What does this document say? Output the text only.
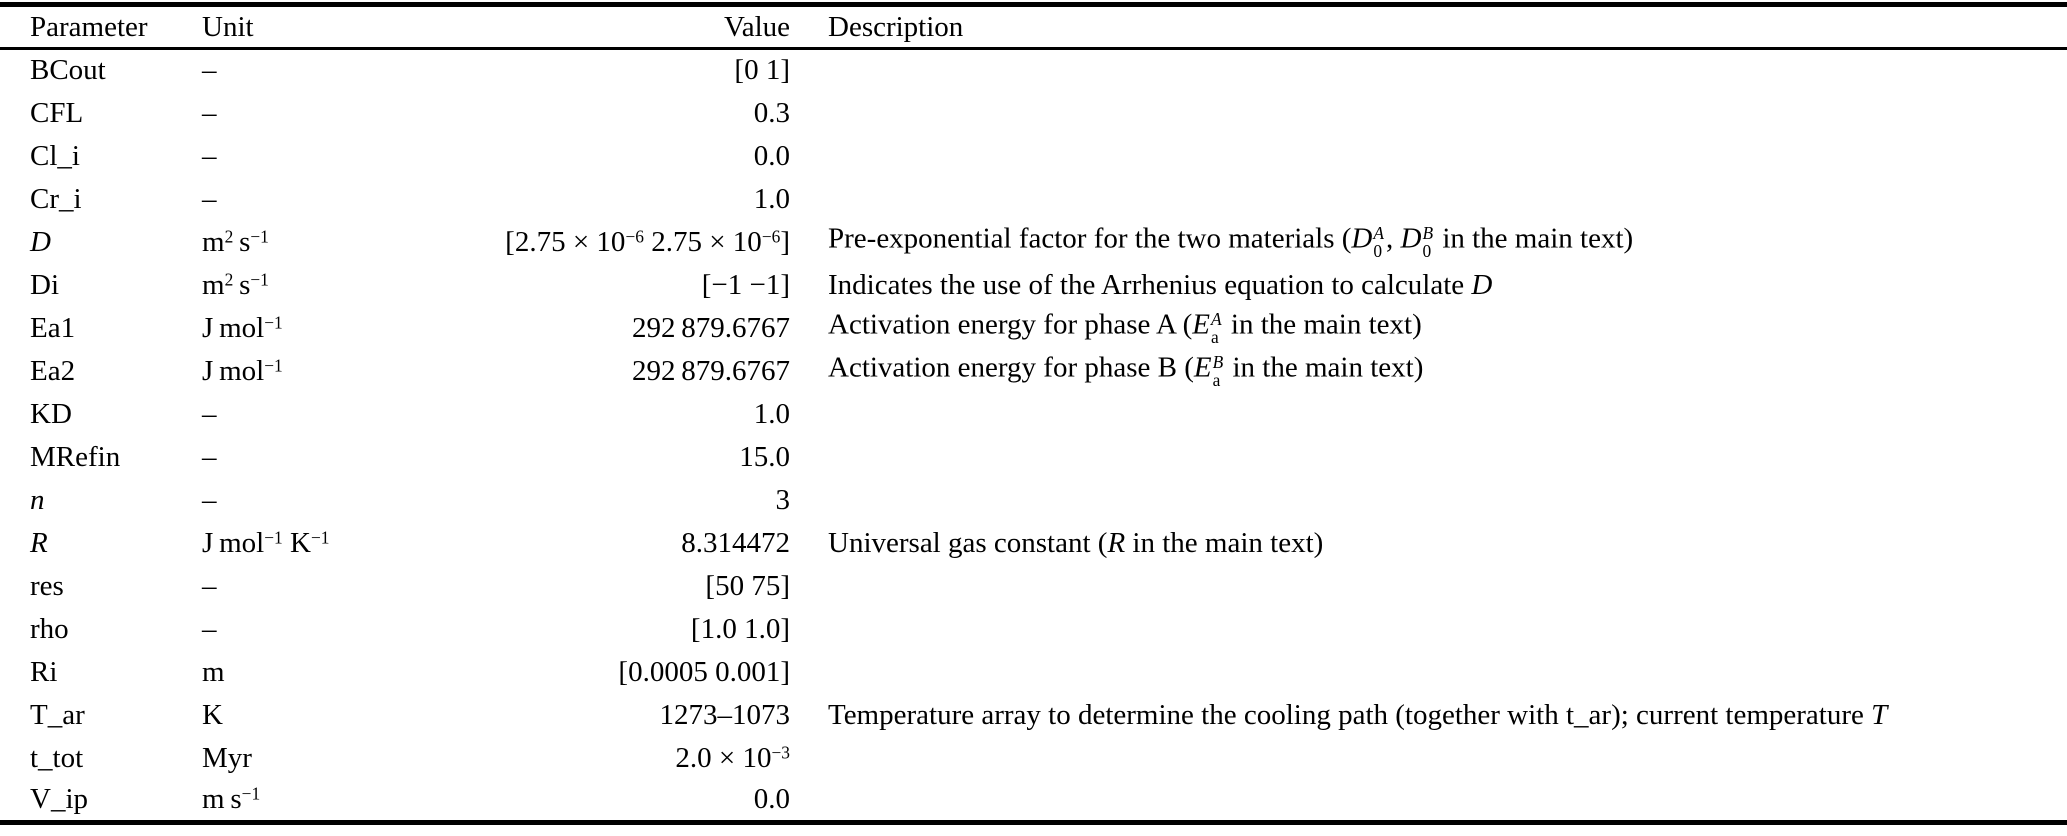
Parameter	Unit	Value	Description
BCout	–	[0 1]	
CFL	–	0.3	
Cl_i	–	0.0	
Cr_i	–	1.0	
D	$m^2$ $s^{-1}$	[$2.75 \times 10^{-6}$ $2.75 \times 10^{-6}$]	Pre-exponential factor for the two materials (D A
0 , D B
0 in the main text)
Di	$m^2$ $s^{-1}$	[−1 −1]	Indicates the use of the Arrhenius equation to calculate D
Ea1	J mol$^{-1}$	292 879.6767	Activation energy for phase A (E A
a in the main text)
Ea2	J mol$^{-1}$	292 879.6767	Activation energy for phase B (E B
a in the main text)
KD	–	1.0	
MRefin	–	15.0	
n	–	3	
R	J mol$^{-1}$ $K^{-1}$	8.314472	Universal gas constant (R in the main text)
res	–	[50 75]	
rho	–	[1.0 1.0]	
Ri	m	[0.0005 0.001]	
T_ar	K	1273–1073	Temperature array to determine the cooling path (together with t_ar); current temperature T
t_tot	Myr	$2.0 \times 10^{-3}$	
V_ip	m $s^{-1}$	0.0	
